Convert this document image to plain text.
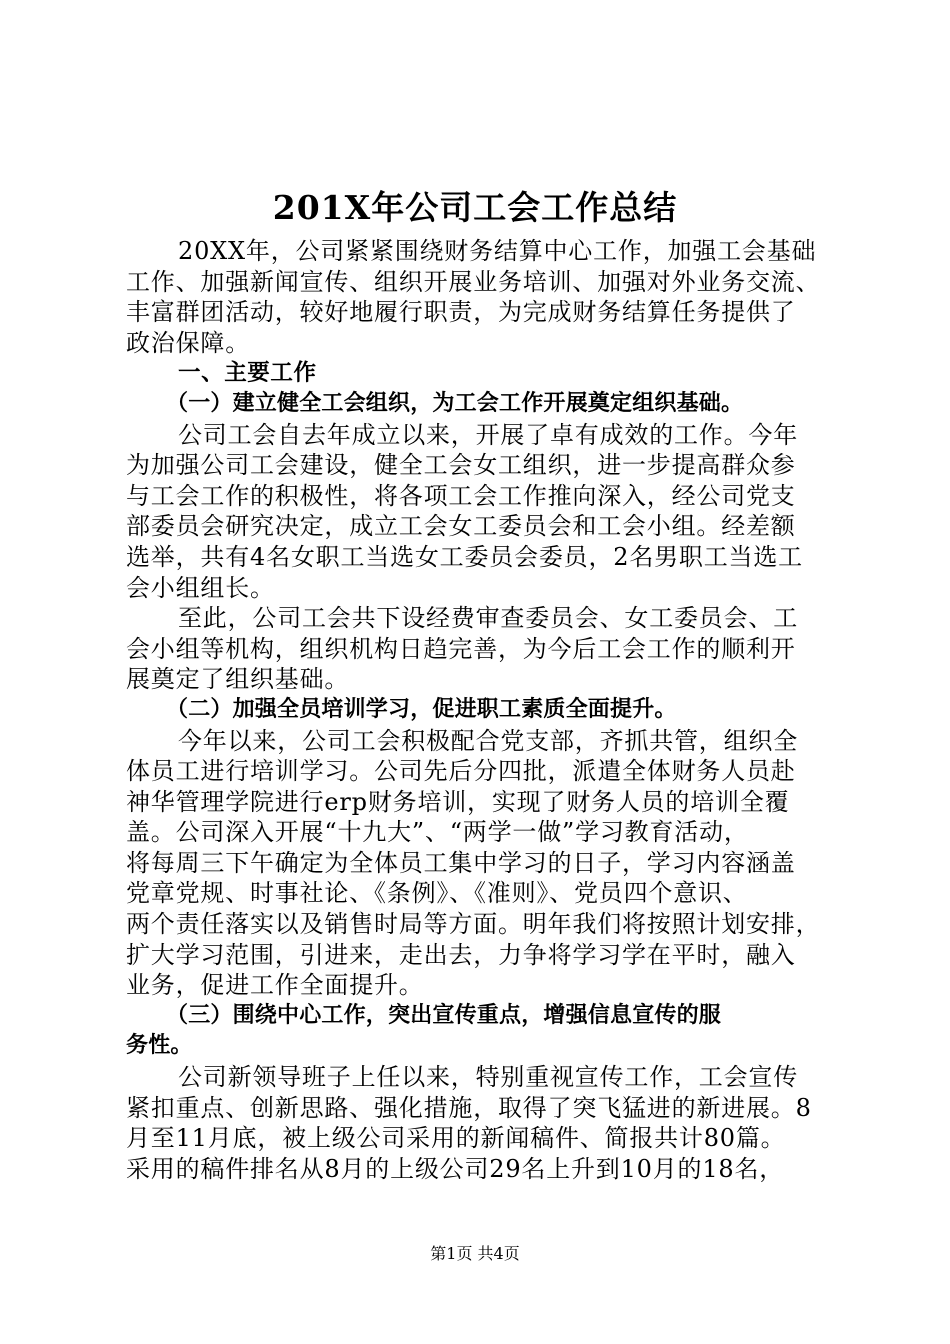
201X年公司工会工作总结
20XX年，公司紧紧围绕财务结算中心工作，加强工会基础
工作、加强新闻宣传、组织开展业务培训、加强对外业务交流、
丰富群团活动，较好地履行职责，为完成财务结算任务提供了
政治保障。
一、主要工作
（一）建立健全工会组织，为工会工作开展奠定组织基础。
公司工会自去年成立以来，开展了卓有成效的工作。今年
为加强公司工会建设，健全工会女工组织，进一步提高群众参
与工会工作的积极性，将各项工会工作推向深入，经公司党支
部委员会研究决定，成立工会女工委员会和工会小组。经差额
选举，共有4名女职工当选女工委员会委员，2名男职工当选工
会小组组长。
至此，公司工会共下设经费审查委员会、女工委员会、工
会小组等机构，组织机构日趋完善，为今后工会工作的顺利开
展奠定了组织基础。
（二）加强全员培训学习，促进职工素质全面提升。
今年以来，公司工会积极配合党支部，齐抓共管，组织全
体员工进行培训学习。公司先后分四批，派遣全体财务人员赴
神华管理学院进行erp财务培训，实现了财务人员的培训全覆
盖。公司深入开展“十九大”、“两学一做”学习教育活动，
将每周三下午确定为全体员工集中学习的日子，学习内容涵盖
党章党规、时事社论、《条例》、《准则》、党员四个意识、
两个责任落实以及销售时局等方面。明年我们将按照计划安排，
扩大学习范围，引进来，走出去，力争将学习学在平时，融入
业务，促进工作全面提升。
（三）围绕中心工作，突出宣传重点，增强信息宣传的服
务性。
公司新领导班子上任以来，特别重视宣传工作，工会宣传
紧扣重点、创新思路、强化措施，取得了突飞猛进的新进展。8
月至11月底，被上级公司采用的新闻稿件、简报共计80篇。
采用的稿件排名从8月的上级公司29名上升到10月的18名，
第1页 共4页
